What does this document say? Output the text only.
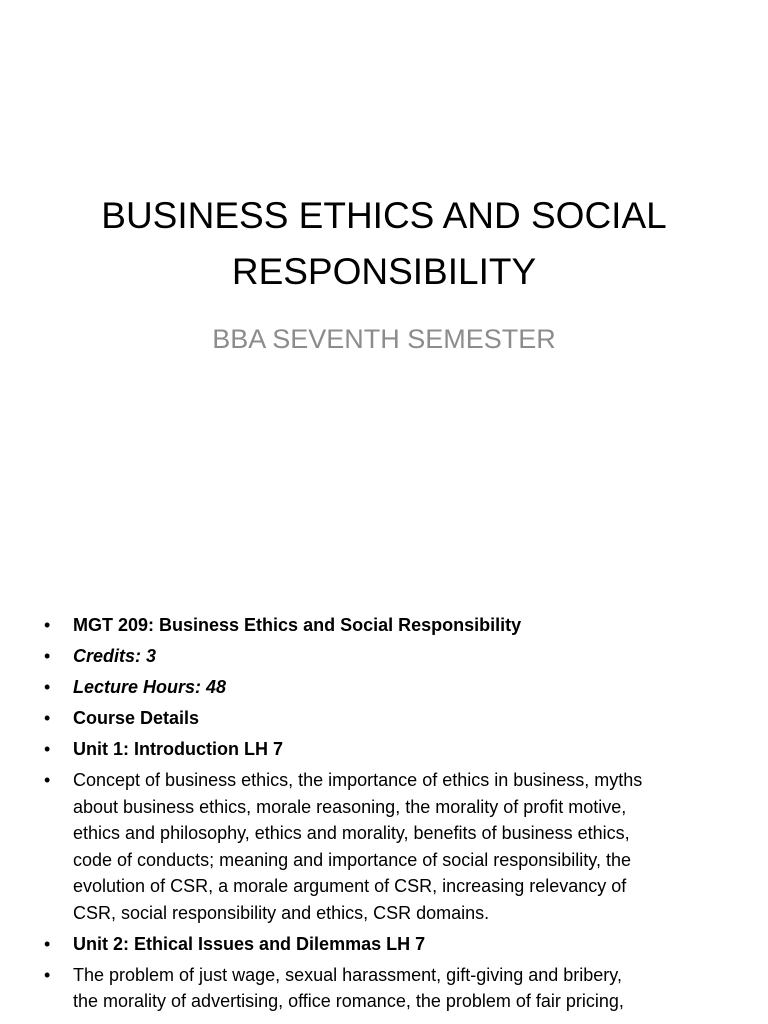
BUSINESS ETHICS AND SOCIAL
RESPONSIBILITY
BBA SEVENTH SEMESTER
• MGT 209: Business Ethics and Social Responsibility
• Credits: 3
• Lecture Hours: 48
• Course Details
• Unit 1: Introduction LH 7
• Concept of business ethics, the importance of ethics in business, myths
about business ethics, morale reasoning, the morality of profit motive,
ethics and philosophy, ethics and morality, benefits of business ethics,
code of conducts; meaning and importance of social responsibility, the
evolution of CSR, a morale argument of CSR, increasing relevancy of
CSR, social responsibility and ethics, CSR domains.
• Unit 2: Ethical Issues and Dilemmas LH 7
• The problem of just wage, sexual harassment, gift-giving and bribery,
the morality of advertising, office romance, the problem of fair pricing,
